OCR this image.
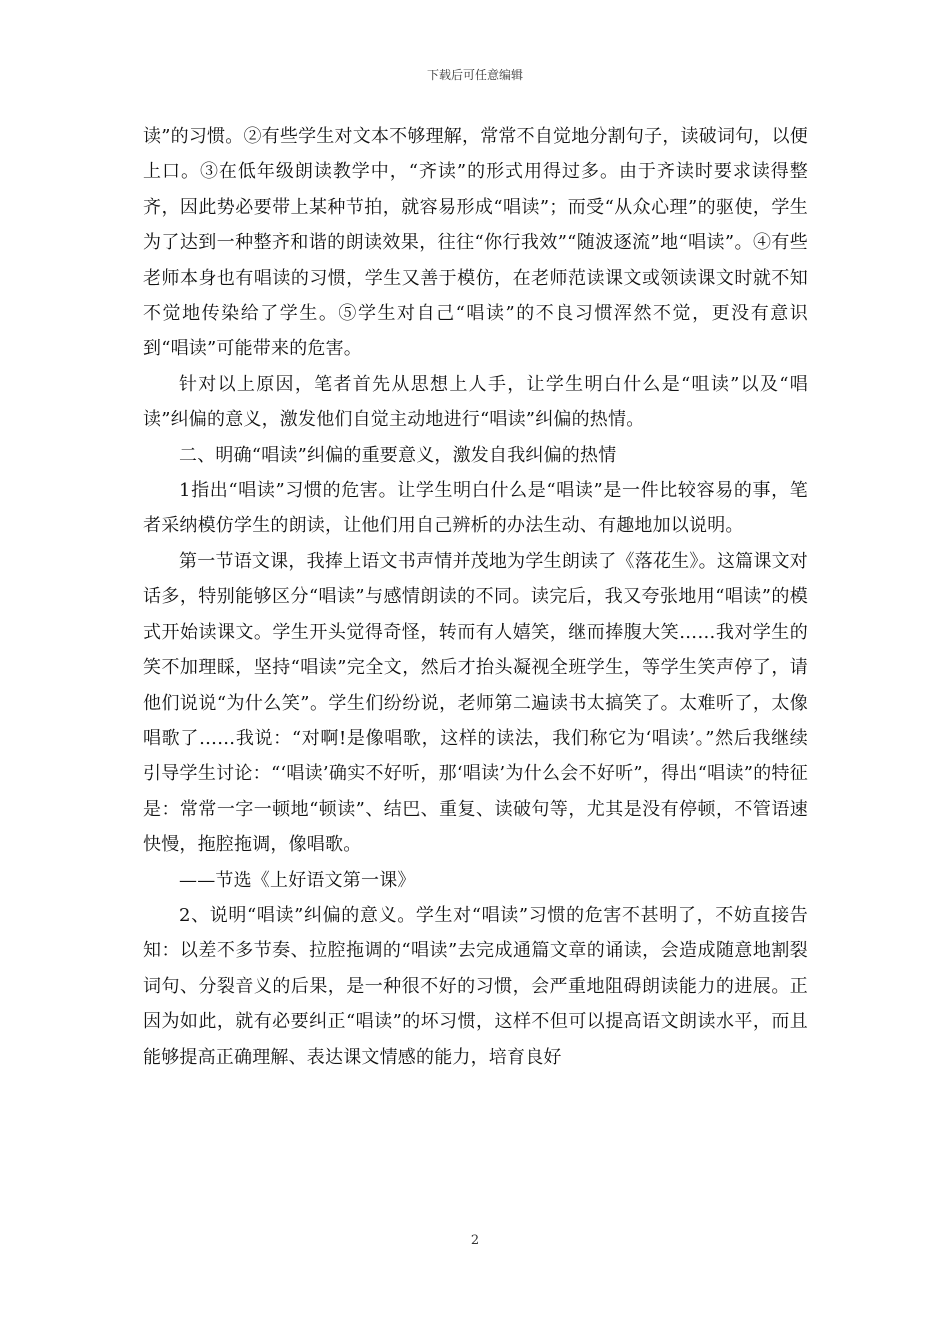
下载后可任意编辑

读”的习惯。②有些学生对文本不够理解，常常不自觉地分割句子，读破词句，以便上口。③在低年级朗读教学中，“齐读”的形式用得过多。由于齐读时要求读得整齐，因此势必要带上某种节拍，就容易形成“唱读”；而受“从众心理”的驱使，学生为了达到一种整齐和谐的朗读效果，往往“你行我效”“随波逐流”地“唱读”。④有些老师本身也有唱读的习惯，学生又善于模仿，在老师范读课文或领读课文时就不知不觉地传染给了学生。⑤学生对自己“唱读”的不良习惯浑然不觉，更没有意识到“唱读”可能带来的危害。

针对以上原因，笔者首先从思想上人手，让学生明白什么是“咀读”以及“唱读”纠偏的意义，激发他们自觉主动地进行“唱读”纠偏的热情。

二、明确“唱读”纠偏的重要意义，激发自我纠偏的热情

1指出“唱读”习惯的危害。让学生明白什么是“唱读”是一件比较容易的事，笔者采纳模仿学生的朗读，让他们用自己辨析的办法生动、有趣地加以说明。

第一节语文课，我捧上语文书声情并茂地为学生朗读了《落花生》。这篇课文对话多，特别能够区分“唱读”与感情朗读的不同。读完后，我又夸张地用“唱读”的模式开始读课文。学生开头觉得奇怪，转而有人嬉笑，继而捧腹大笑……我对学生的笑不加理睬，坚持“唱读”完全文，然后才抬头凝视全班学生，等学生笑声停了，请他们说说“为什么笑”。学生们纷纷说，老师第二遍读书太搞笑了。太难听了，太像唱歌了……我说：“对啊!是像唱歌，这样的读法，我们称它为‘唱读’。”然后我继续引导学生讨论：“‘唱读’确实不好听，那‘唱读’为什么会不好听”，得出“唱读”的特征是：常常一字一顿地“顿读”、结巴、重复、读破句等，尤其是没有停顿，不管语速快慢，拖腔拖调，像唱歌。

——节选《上好语文第一课》

2、说明“唱读”纠偏的意义。学生对“唱读”习惯的危害不甚明了，不妨直接告知：以差不多节奏、拉腔拖调的“唱读”去完成通篇文章的诵读，会造成随意地割裂词句、分裂音义的后果，是一种很不好的习惯，会严重地阻碍朗读能力的进展。正因为如此，就有必要纠正“唱读”的坏习惯，这样不但可以提高语文朗读水平，而且能够提高正确理解、表达课文情感的能力，培育良好

2
